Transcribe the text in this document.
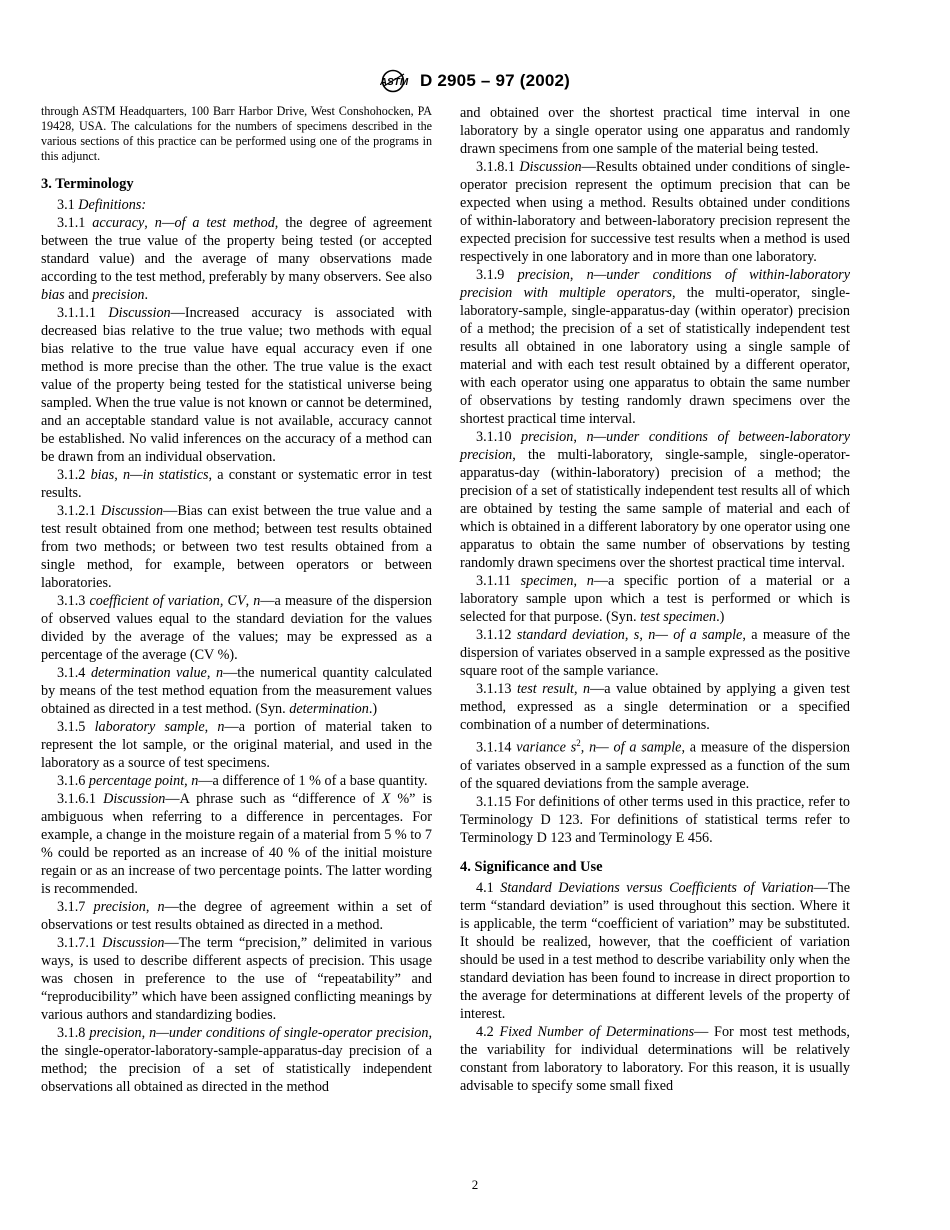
ASTM D 2905 – 97 (2002)

through ASTM Headquarters, 100 Barr Harbor Drive, West Conshohocken, PA 19428, USA. The calculations for the numbers of specimens described in the various sections of this practice can be performed using one of the programs in this adjunct.

3. Terminology

3.1 Definitions:

3.1.1 accuracy, n—of a test method, the degree of agreement between the true value of the property being tested (or accepted standard value) and the average of many observations made according to the test method, preferably by many observers. See also bias and precision.

3.1.1.1 Discussion—Increased accuracy is associated with decreased bias relative to the true value; two methods with equal bias relative to the true value have equal accuracy even if one method is more precise than the other. The true value is the exact value of the property being tested for the statistical universe being sampled. When the true value is not known or cannot be determined, and an acceptable standard value is not available, accuracy cannot be established. No valid inferences on the accuracy of a method can be drawn from an individual observation.

3.1.2 bias, n—in statistics, a constant or systematic error in test results.

3.1.2.1 Discussion—Bias can exist between the true value and a test result obtained from one method; between test results obtained from two methods; or between two test results obtained from a single method, for example, between operators or between laboratories.

3.1.3 coefficient of variation, CV, n—a measure of the dispersion of observed values equal to the standard deviation for the values divided by the average of the values; may be expressed as a percentage of the average (CV %).

3.1.4 determination value, n—the numerical quantity calculated by means of the test method equation from the measurement values obtained as directed in a test method. (Syn. determination.)

3.1.5 laboratory sample, n—a portion of material taken to represent the lot sample, or the original material, and used in the laboratory as a source of test specimens.

3.1.6 percentage point, n—a difference of 1 % of a base quantity.

3.1.6.1 Discussion—A phrase such as “difference of X %” is ambiguous when referring to a difference in percentages. For example, a change in the moisture regain of a material from 5 % to 7 % could be reported as an increase of 40 % of the initial moisture regain or as an increase of two percentage points. The latter wording is recommended.

3.1.7 precision, n—the degree of agreement within a set of observations or test results obtained as directed in a method.

3.1.7.1 Discussion—The term “precision,” delimited in various ways, is used to describe different aspects of precision. This usage was chosen in preference to the use of “repeatability” and “reproducibility” which have been assigned conflicting meanings by various authors and standardizing bodies.

3.1.8 precision, n—under conditions of single-operator precision, the single-operator-laboratory-sample-apparatus-day precision of a method; the precision of a set of statistically independent observations all obtained as directed in the method

and obtained over the shortest practical time interval in one laboratory by a single operator using one apparatus and randomly drawn specimens from one sample of the material being tested.

3.1.8.1 Discussion—Results obtained under conditions of single-operator precision represent the optimum precision that can be expected when using a method. Results obtained under conditions of within-laboratory and between-laboratory precision represent the expected precision for successive test results when a method is used respectively in one laboratory and in more than one laboratory.

3.1.9 precision, n—under conditions of within-laboratory precision with multiple operators, the multi-operator, single-laboratory-sample, single-apparatus-day (within operator) precision of a method; the precision of a set of statistically independent test results all obtained in one laboratory using a single sample of material and with each test result obtained by a different operator, with each operator using one apparatus to obtain the same number of observations by testing randomly drawn specimens over the shortest practical time interval.

3.1.10 precision, n—under conditions of between-laboratory precision, the multi-laboratory, single-sample, single-operator-apparatus-day (within-laboratory) precision of a method; the precision of a set of statistically independent test results all of which are obtained by testing the same sample of material and each of which is obtained in a different laboratory by one operator using one apparatus to obtain the same number of observations by testing randomly drawn specimens over the shortest practical time interval.

3.1.11 specimen, n—a specific portion of a material or a laboratory sample upon which a test is performed or which is selected for that purpose. (Syn. test specimen.)

3.1.12 standard deviation, s, n— of a sample, a measure of the dispersion of variates observed in a sample expressed as the positive square root of the sample variance.

3.1.13 test result, n—a value obtained by applying a given test method, expressed as a single determination or a specified combination of a number of determinations.

3.1.14 variance $s^2$, n— of a sample, a measure of the dispersion of variates observed in a sample expressed as a function of the sum of the squared deviations from the sample average.

3.1.15 For definitions of other terms used in this practice, refer to Terminology D 123. For definitions of statistical terms refer to Terminology D 123 and Terminology E 456.

4. Significance and Use

4.1 Standard Deviations versus Coefficients of Variation—The term “standard deviation” is used throughout this section. Where it is applicable, the term “coefficient of variation” may be substituted. It should be realized, however, that the coefficient of variation should be used in a test method to describe variability only when the standard deviation has been found to increase in direct proportion to the average for determinations at different levels of the property of interest.

4.2 Fixed Number of Determinations— For most test methods, the variability for individual determinations will be relatively constant from laboratory to laboratory. For this reason, it is usually advisable to specify some small fixed

2
